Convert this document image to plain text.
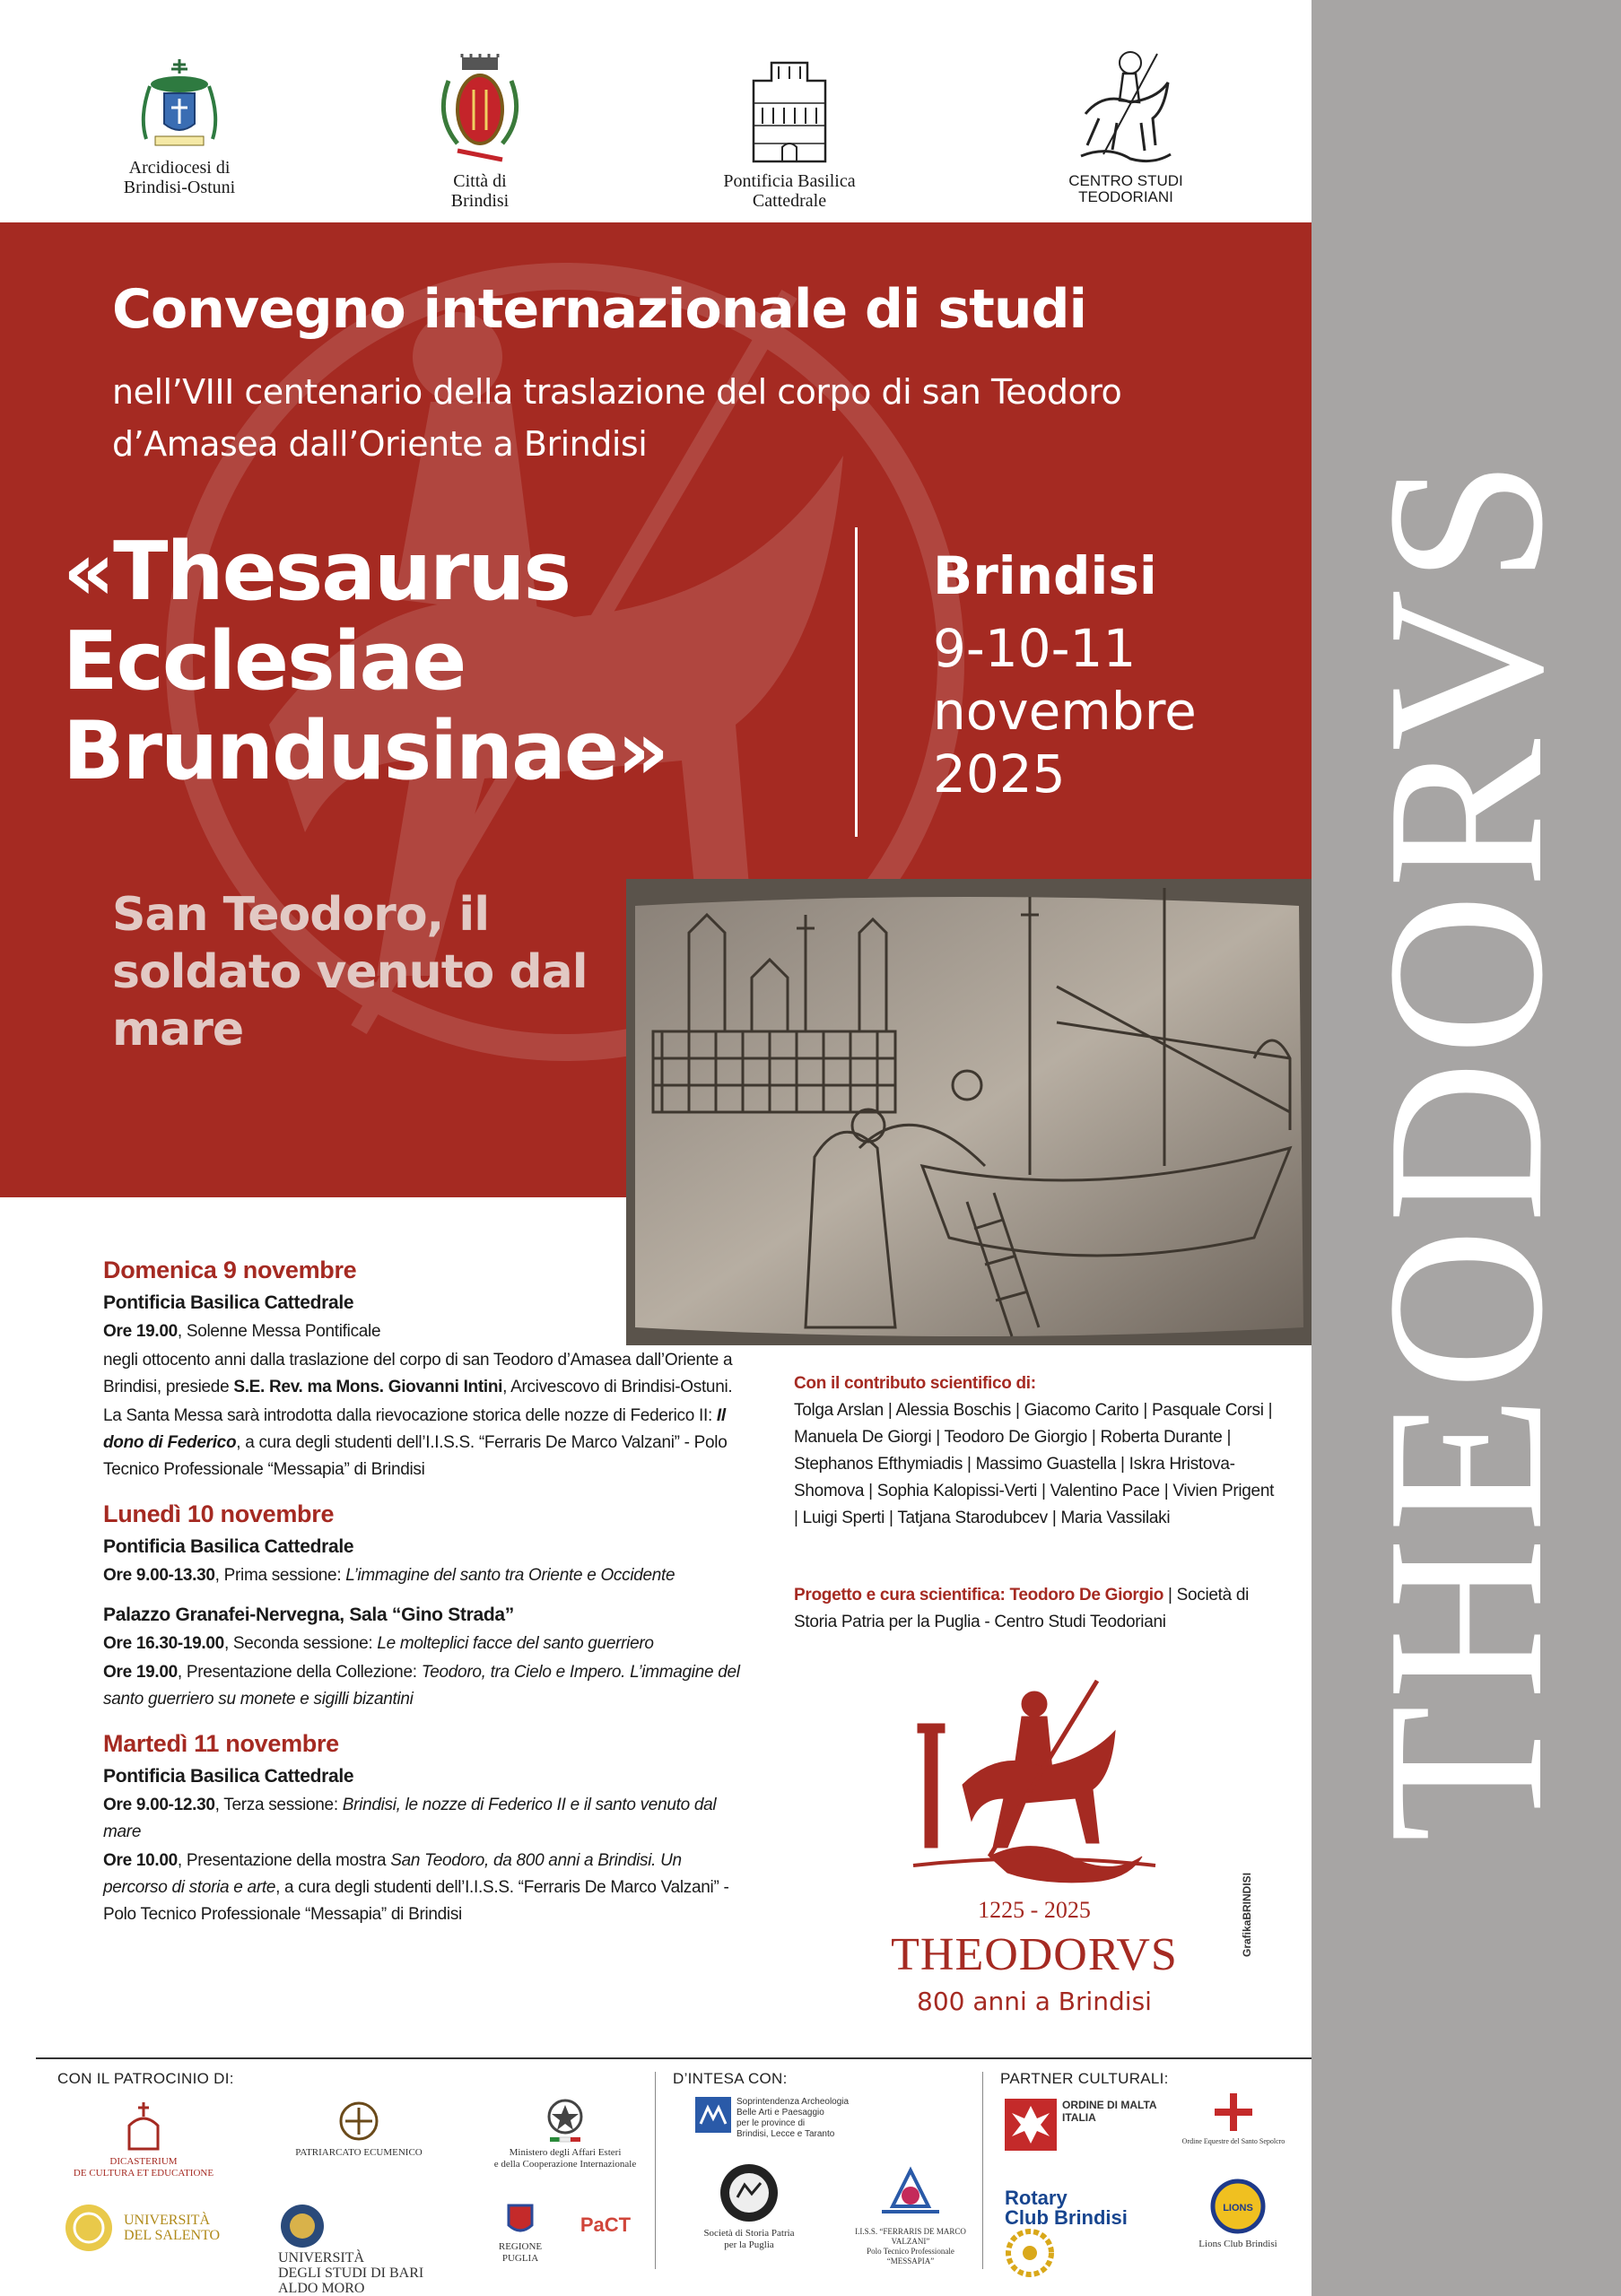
THEODORVS
Arcidiocesi di
Brindisi-Ostuni	Città di
Brindisi
Pontificia Basilica
Cattedrale
CENTRO STUDI
TEODORIANI
Convegno internazionale di studi
nell’VIII centenario della traslazione del corpo di san Teodoro d’Amasea dall’Oriente a Brindisi
«Thesaurus Ecclesiae Brundusinae»
Brindisi
9-10-11 novembre 2025
San Teodoro, il soldato venuto dal mare
Domenica 9 novembre
Pontificia Basilica Cattedrale
Ore 19.00, Solenne Messa Pontificale
negli ottocento anni dalla traslazione del corpo di san Teodoro d’Amasea dall’Oriente a Brindisi, presiede S.E. Rev. ma Mons. Giovanni Intini, Arcivescovo di Brindisi-Ostuni.
La Santa Messa sarà introdotta dalla rievocazione storica delle nozze di Federico II: Il dono di Federico, a cura degli studenti dell’I.I.S.S. “Ferraris De Marco Valzani” - Polo Tecnico Professionale “Messapia” di Brindisi
Lunedì 10 novembre
Pontificia Basilica Cattedrale
Ore 9.00-13.30, Prima sessione: L’immagine del santo tra Oriente e Occidente
Palazzo Granafei-Nervegna, Sala “Gino Strada”
Ore 16.30-19.00, Seconda sessione: Le molteplici facce del santo guerriero
Ore 19.00, Presentazione della Collezione: Teodoro, tra Cielo e Impero. L’immagine del santo guerriero su monete e sigilli bizantini
Martedì 11 novembre
Pontificia Basilica Cattedrale
Ore 9.00-12.30, Terza sessione: Brindisi, le nozze di Federico II e il santo venuto dal mare
Ore 10.00, Presentazione della mostra San Teodoro, da 800 anni a Brindisi. Un percorso di storia e arte, a cura degli studenti dell’I.I.S.S. “Ferraris De Marco Valzani” - Polo Tecnico Professionale “Messapia” di Brindisi
Con il contributo scientifico di:
Tolga Arslan | Alessia Boschis | Giacomo Carito | Pasquale Corsi | Manuela De Giorgi | Teodoro De Giorgio | Roberta Durante | Stephanos Efthymiadis | Massimo Guastella | Iskra Hristova-Shomova | Sophia Kalopissi-Verti | Valentino Pace | Vivien Prigent | Luigi Sperti | Tatjana Starodubcev | Maria Vassilaki
Progetto e cura scientifica: Teodoro De Giorgio | Società di Storia Patria per la Puglia - Centro Studi Teodoriani
1225 - 2025
THEODORVS
800 anni a Brindisi
GrafikaBRINDISI
CON IL PATROCINIO DI:	D’INTESA CON:	PARTNER CULTURALI:
DICASTERIUM
DE CULTURA ET EDUCATIONE
PATRIARCATO ECUMENICO	Ministero degli Affari Esteri
e della Cooperazione Internazionale
UNIVERSITÀ
DEL SALENTO
UNIVERSITÀ
DEGLI STUDI DI BARI
ALDO MORO
REGIONE
PUGLIA
PaCT
Soprintendenza Archeologia
Belle Arti e Paesaggio
per le province di
Brindisi, Lecce e Taranto
Società di Storia Patria
per la Puglia
I.I.S.S. “FERRARIS DE MARCO VALZANI”
Polo Tecnico Professionale “MESSAPIA”
ORDINE DI MALTA
ITALIA
Ordine Equestre del Santo Sepolcro
Rotary
Club Brindisi	LIONS
Lions Club Brindisi
